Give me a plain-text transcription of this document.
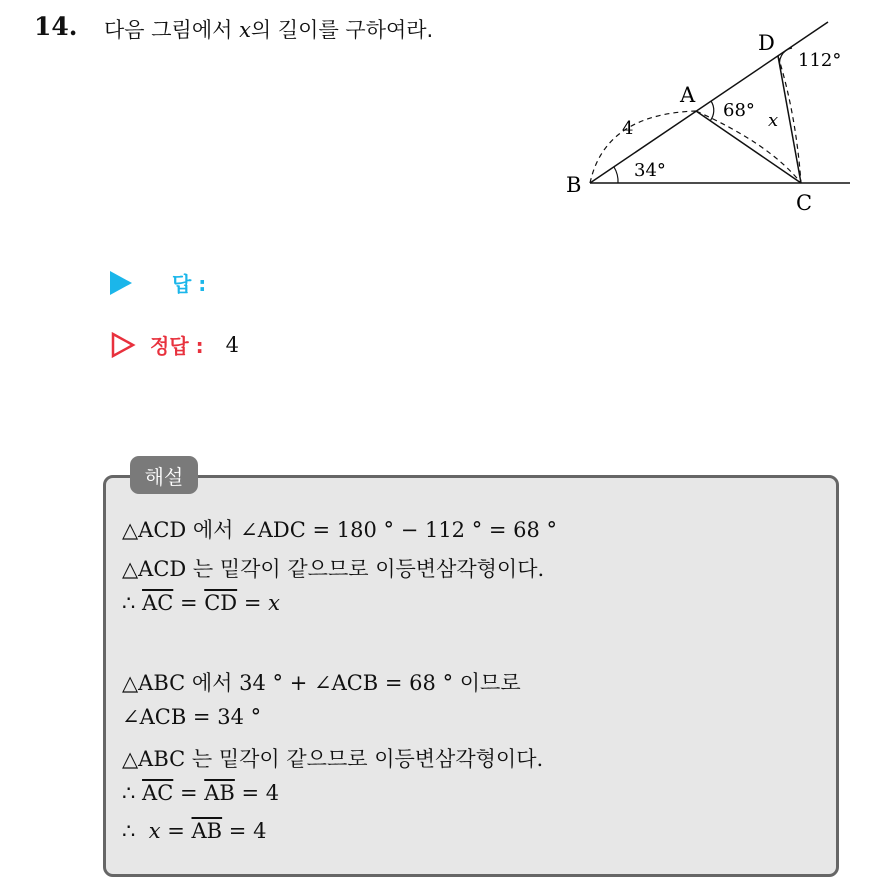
14. 다음 그림에서 x의 길이를 구하여라.
D
A
B
C
112°
68°
34°
4	x
답 :
정답 : 4
해설
△ACD 에서 ∠ADC = 180 ° − 112 ° = 68 °
△ACD 는 밑각이 같으므로 이등변삼각형이다.
∴ $\overline{AC} = \overline{CD} = x$
△ABC 에서 34 ° + ∠ACB = 68 ° 이므로
∠ACB = 34 °
△ABC 는 밑각이 같으므로 이등변삼각형이다.
∴ $\overline{AC} = \overline{AB} = 4$
∴  $x = \overline{AB} = 4$
